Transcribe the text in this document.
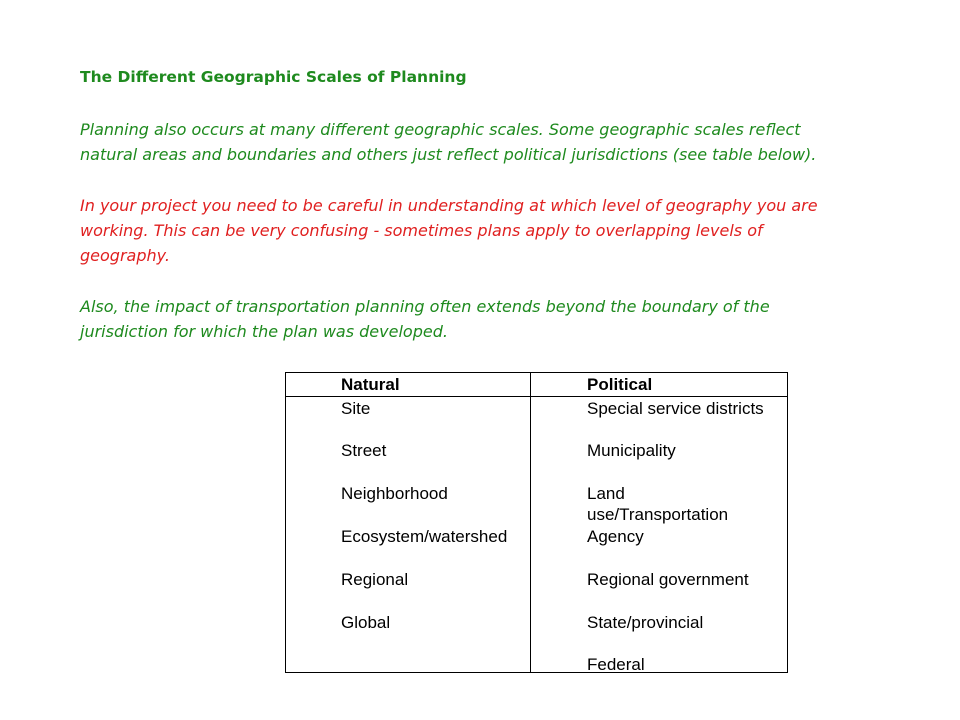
The Different Geographic Scales of Planning
Planning also occurs at many different geographic scales. Some geographic scales reflect
natural areas and boundaries and others just reflect political jurisdictions (see table below).
In your project you need to be careful in understanding at which level of geography you are
working. This can be very confusing - sometimes plans apply to overlapping levels of
geography.
Also, the impact of transportation planning often extends beyond the boundary of the
jurisdiction for which the plan was developed.
Natural	Political
Site
Street
Neighborhood
Ecosystem/watershed
Regional
Global
Special service districts
Municipality
Land
use/Transportation
Agency
Regional government
State/provincial
Federal
